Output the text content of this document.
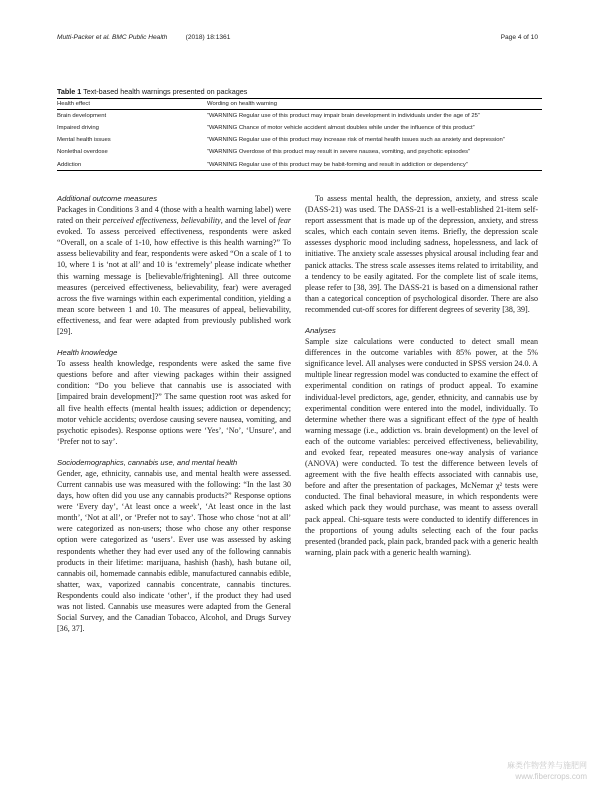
Mutti-Packer et al. BMC Public Health	(2018) 18:1361	Page 4 of 10
Table 1 Text-based health warnings presented on packages
Health effect	Wording on health warning
Brain development	“WARNING Regular use of this product may impair brain development in individuals under the age of 25”
Impaired driving	“WARNING Chance of motor vehicle accident almost doubles while under the influence of this product”
Mental health issues	“WARNING Regular use of this product may increase risk of mental health issues such as anxiety and depression”
Nonlethal overdose	“WARNING Overdose of this product may result in severe nausea, vomiting, and psychotic episodes”
Addiction	“WARNING Regular use of this product may be habit-forming and result in addiction or dependency”

Additional outcome measures

Packages in Conditions 3 and 4 (those with a health warning label) were rated on their perceived effectiveness, believability, and the level of fear evoked. To assess perceived effectiveness, respondents were asked “Overall, on a scale of 1-10, how effective is this health warning?” To assess believability and fear, respondents were asked “On a scale of 1 to 10, where 1 is ‘not at all’ and 10 is ‘extremely’ please indicate whether this warning message is [believable/frightening]. All three outcome measures (perceived effectiveness, believability, fear) were averaged across the five warnings within each experimental condition, yielding a mean score between 1 and 10. The measures of appeal, believability, effectiveness, and fear were adapted from previously published work [29].

Health knowledge

To assess health knowledge, respondents were asked the same five questions before and after viewing packages within their assigned condition: “Do you believe that cannabis use is associated with [impaired brain development]?” The same question root was asked for all five health effects (mental health issues; addiction or dependency; motor vehicle accidents; overdose causing severe nausea, vomiting, and psychotic episodes). Response options were ‘Yes’, ‘No’, ‘Unsure’, and ‘Prefer not to say’.

Sociodemographics, cannabis use, and mental health

Gender, age, ethnicity, cannabis use, and mental health were assessed. Current cannabis use was measured with the following: “In the last 30 days, how often did you use any cannabis products?” Response options were ‘Every day’, ‘At least once a week’, ‘At least once in the last month’, ‘Not at all’, or ‘Prefer not to say’. Those who chose ‘not at all’ were categorized as non-users; those who chose any other response option were categorized as ‘users’. Ever use was assessed by asking respondents whether they had ever used any of the following cannabis products in their lifetime: marijuana, hashish (hash), hash butane oil, cannabis oil, homemade cannabis edible, manufactured cannabis edible, shatter, wax, vaporized cannabis concentrate, cannabis tinctures. Respondents could also indicate ‘other’, if the product they had used was not listed. Cannabis use measures were adapted from the General Social Survey, and the Canadian Tobacco, Alcohol, and Drugs Survey [36, 37].

To assess mental health, the depression, anxiety, and stress scale (DASS-21) was used. The DASS-21 is a well-established 21-item self-report assessment that is made up of the depression, anxiety, and stress scales, which each contain seven items. Briefly, the depression scale assesses dysphoric mood including sadness, hopelessness, and lack of initiative. The anxiety scale assesses physical arousal including fear and panick attacks. The stress scale assesses items related to irritability, and a tendency to be easily agitated. For the complete list of scale items, please refer to [38, 39]. The DASS-21 is based on a dimensional rather than a categorical conception of psychological disorder. There are also recommended cut-off scores for different degrees of severity [38, 39].

Analyses

Sample size calculations were conducted to detect small mean differences in the outcome variables with 85% power, at the 5% significance level. All analyses were conducted in SPSS version 24.0. A multiple linear regression model was conducted to examine the effect of experimental condition on ratings of product appeal. To examine individual-level predictors, age, gender, ethnicity, and cannabis use by experimental condition were entered into the model, individually. To determine whether there was a significant effect of the type of health warning message (i.e., addiction vs. brain development) on the level of each of the outcome variables: perceived effectiveness, believability, and evoked fear, repeated measures one-way analysis of variance (ANOVA) were conducted. To test the difference between levels of agreement with the five health effects associated with cannabis use, before and after the presentation of packages, McNemar χ² tests were conducted. The final behavioral measure, in which respondents were asked which pack they would purchase, was meant to assess overall pack appeal. Chi-square tests were conducted to identify differences in the proportions of young adults selecting each of the four packs presented (branded pack, plain pack, branded pack with a generic health warning, plain pack with a generic health warning).

麻类作物营养与施肥网
www.fibercrops.com
